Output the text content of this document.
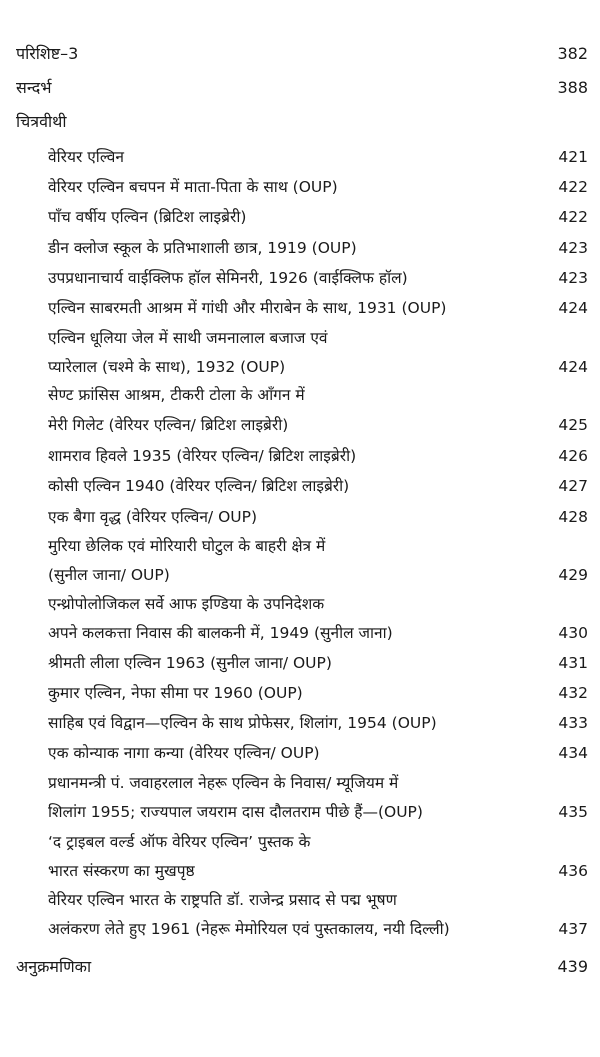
परिशिष्ट–3	382
सन्दर्भ	388
चित्रवीथी
वेरियर एल्विन	421
वेरियर एल्विन बचपन में माता-पिता के साथ (OUP)	422
पाँच वर्षीय एल्विन (ब्रिटिश लाइब्रेरी)	422
डीन क्लोज स्कूल के प्रतिभाशाली छात्र, 1919 (OUP)	423
उपप्रधानाचार्य वाईक्लिफ हॉल सेमिनरी, 1926 (वाईक्लिफ हॉल)	423
एल्विन साबरमती आश्रम में गांधी और मीराबेन के साथ, 1931 (OUP)	424
एल्विन धूलिया जेल में साथी जमनालाल बजाज एवं
प्यारेलाल (चश्मे के साथ), 1932 (OUP)	424
सेण्ट फ्रांसिस आश्रम, टीकरी टोला के आँगन में
मेरी गिलेट (वेरियर एल्विन/ ब्रिटिश लाइब्रेरी)	425
शामराव हिवले 1935 (वेरियर एल्विन/ ब्रिटिश लाइब्रेरी)	426
कोसी एल्विन 1940 (वेरियर एल्विन/ ब्रिटिश लाइब्रेरी)	427
एक बैगा वृद्ध (वेरियर एल्विन/ OUP)	428
मुरिया छेलिक एवं मोरियारी घोटुल के बाहरी क्षेत्र में
(सुनील जाना/ OUP)	429
एन्थ्रोपोलोजिकल सर्वे आफ इण्डिया के उपनिदेशक
अपने कलकत्ता निवास की बालकनी में, 1949 (सुनील जाना)	430
श्रीमती लीला एल्विन 1963 (सुनील जाना/ OUP)	431
कुमार एल्विन, नेफा सीमा पर 1960 (OUP)	432
साहिब एवं विद्वान—एल्विन के साथ प्रोफेसर, शिलांग, 1954 (OUP)	433
एक कोन्याक नागा कन्या (वेरियर एल्विन/ OUP)	434
प्रधानमन्त्री पं. जवाहरलाल नेहरू एल्विन के निवास/ म्यूजियम में
शिलांग 1955; राज्यपाल जयराम दास दौलतराम पीछे हैं—(OUP)	435
‘द ट्राइबल वर्ल्ड ऑफ वेरियर एल्विन’ पुस्तक के
भारत संस्करण का मुखपृष्ठ	436
वेरियर एल्विन भारत के राष्ट्रपति डॉ. राजेन्द्र प्रसाद से पद्म भूषण
अलंकरण लेते हुए 1961 (नेहरू मेमोरियल एवं पुस्तकालय, नयी दिल्ली)	437
अनुक्रमणिका	439
